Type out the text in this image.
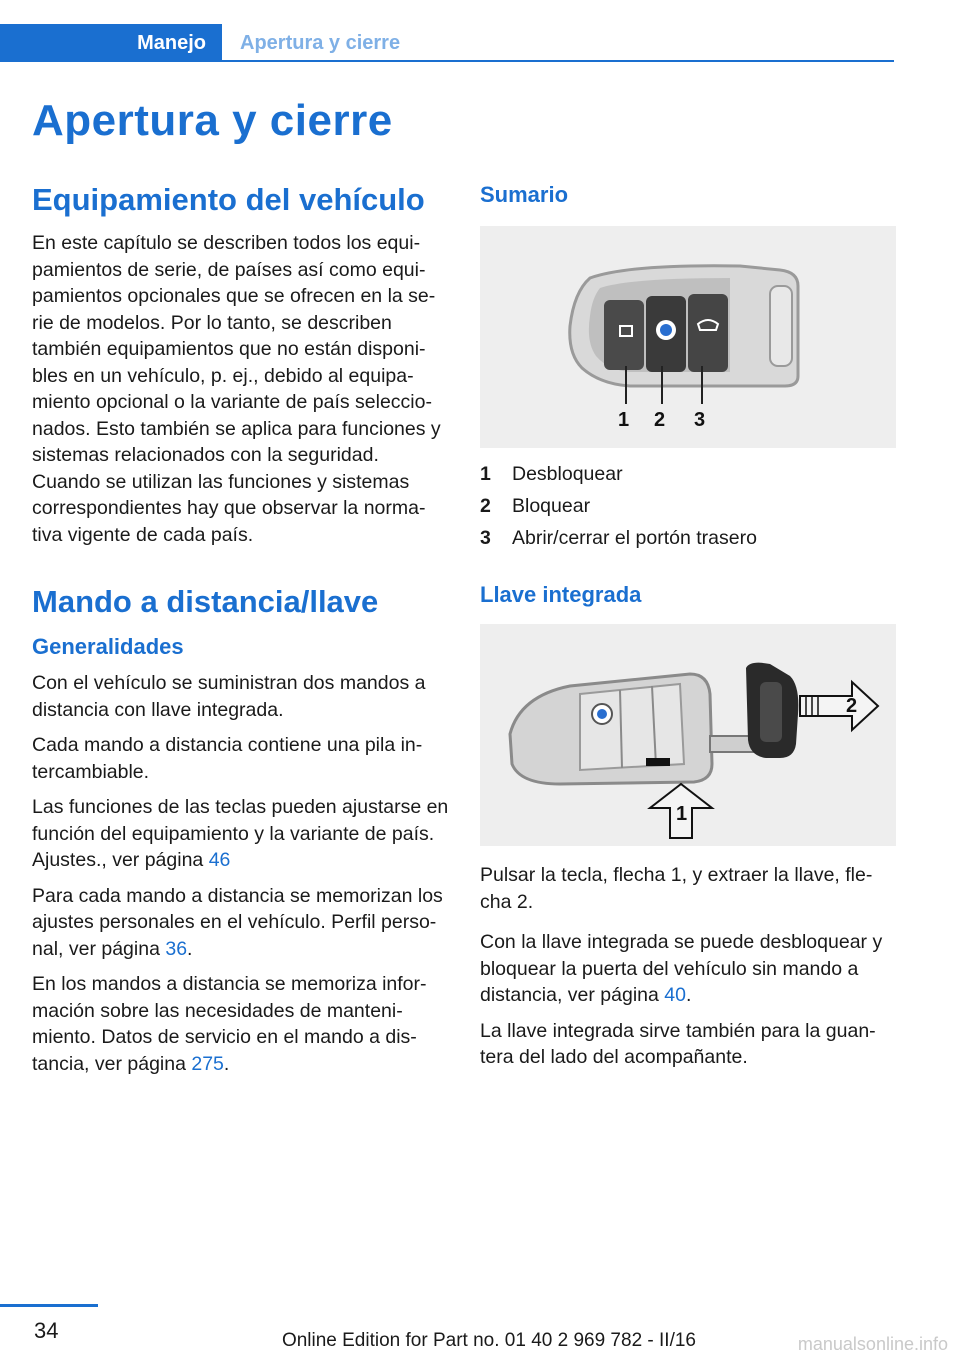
Manejo	Apertura y cierre
Apertura y cierre
Equipamiento del vehículo

En este capítulo se describen todos los equi-pamientos de serie, de países así como equi-pamientos opcionales que se ofrecen en la se-rie de modelos. Por lo tanto, se describen también equipamientos que no están disponi-bles en un vehículo, p. ej., debido al equipa-miento opcional o la variante de país seleccio-nados. Esto también se aplica para funciones y sistemas relacionados con la seguridad. Cuando se utilizan las funciones y sistemas correspondientes hay que observar la norma-tiva vigente de cada país.

Mando a distancia/llave
Generalidades

Con el vehículo se suministran dos mandos a distancia con llave integrada.

Cada mando a distancia contiene una pila in-tercambiable.

Las funciones de las teclas pueden ajustarse en función del equipamiento y la variante de país. Ajustes., ver página 46

Para cada mando a distancia se memorizan los ajustes personales en el vehículo. Perfil perso-nal, ver página 36.

En los mandos a distancia se memoriza infor-mación sobre las necesidades de manteni-miento. Datos de servicio en el mando a dis-tancia, ver página 275.

Sumario
1 2 3
1	Desbloquear
2	Bloquear
3	Abrir/cerrar el portón trasero
Llave integrada
2
1

Pulsar la tecla, flecha 1, y extraer la llave, fle-cha 2.

Con la llave integrada se puede desbloquear y bloquear la puerta del vehículo sin mando a distancia, ver página 40.

La llave integrada sirve también para la guan-tera del lado del acompañante.

34	Online Edition for Part no. 01 40 2 969 782 - II/16	manualsonline.info
